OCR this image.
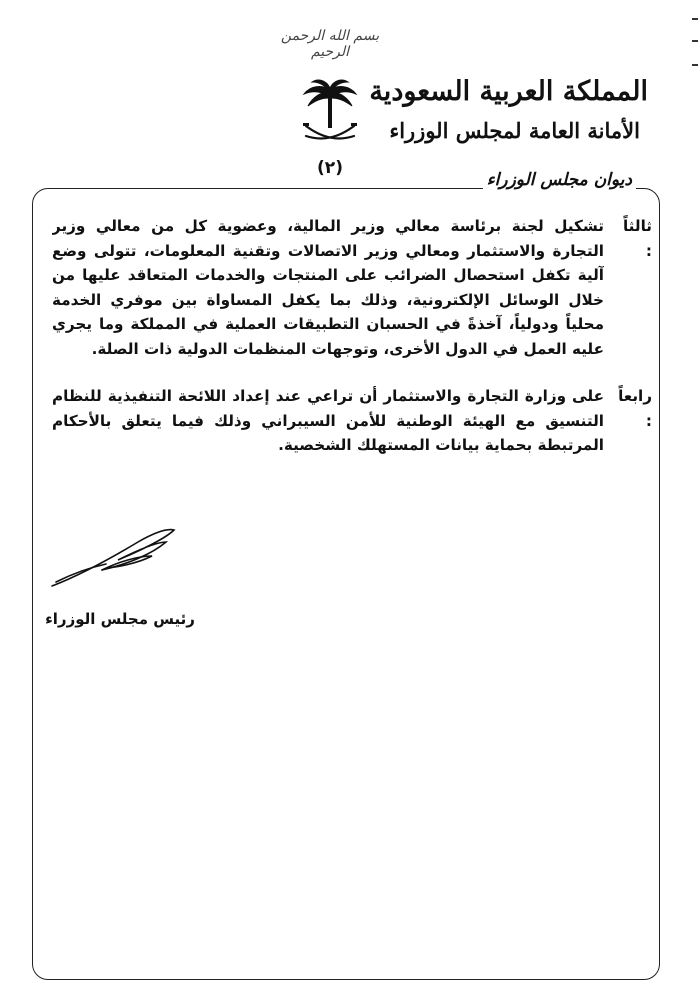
بسم الله الرحمن الرحيم
(٢)
المملكة العربية السعودية
الأمانة العامة لمجلس الوزراء
ديوان مجلس الوزراء
ثالثاً :
تشكيل لجنة برئاسة معالي وزير المالية، وعضوية كل من معالي وزير التجارة والاستثمار ومعالي وزير الاتصالات وتقنية المعلومات، تتولى وضع آلية تكفل استحصال الضرائب على المنتجات والخدمات المتعاقد عليها من خلال الوسائل الإلكترونية، وذلك بما يكفل المساواة بين موفري الخدمة محلياً ودولياً، آخذةً في الحسبان التطبيقات العملية في المملكة وما يجري عليه العمل في الدول الأخرى، وتوجهات المنظمات الدولية ذات الصلة.
رابعاً :
على وزارة التجارة والاستثمار أن تراعي عند إعداد اللائحة التنفيذية للنظام التنسيق مع الهيئة الوطنية للأمن السيبراني وذلك فيما يتعلق بالأحكام المرتبطة بحماية بيانات المستهلك الشخصية.
رئيس مجلس الوزراء
